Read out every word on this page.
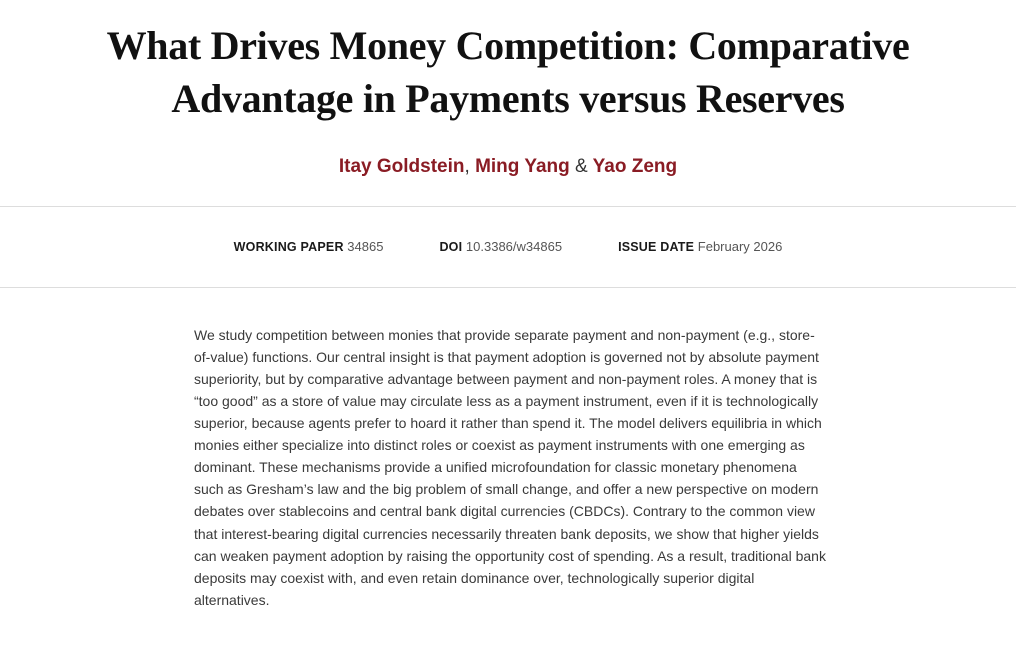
What Drives Money Competition: Comparative Advantage in Payments versus Reserves
Itay Goldstein, Ming Yang & Yao Zeng
WORKING PAPER 34865	DOI 10.3386/w34865	ISSUE DATE February 2026
We study competition between monies that provide separate payment and non-payment (e.g., store-of-value) functions. Our central insight is that payment adoption is governed not by absolute payment superiority, but by comparative advantage between payment and non-payment roles. A money that is “too good” as a store of value may circulate less as a payment instrument, even if it is technologically superior, because agents prefer to hoard it rather than spend it. The model delivers equilibria in which monies either specialize into distinct roles or coexist as payment instruments with one emerging as dominant. These mechanisms provide a unified microfoundation for classic monetary phenomena such as Gresham’s law and the big problem of small change, and offer a new perspective on modern debates over stablecoins and central bank digital currencies (CBDCs). Contrary to the common view that interest-bearing digital currencies necessarily threaten bank deposits, we show that higher yields can weaken payment adoption by raising the opportunity cost of spending. As a result, traditional bank deposits may coexist with, and even retain dominance over, technologically superior digital alternatives.
